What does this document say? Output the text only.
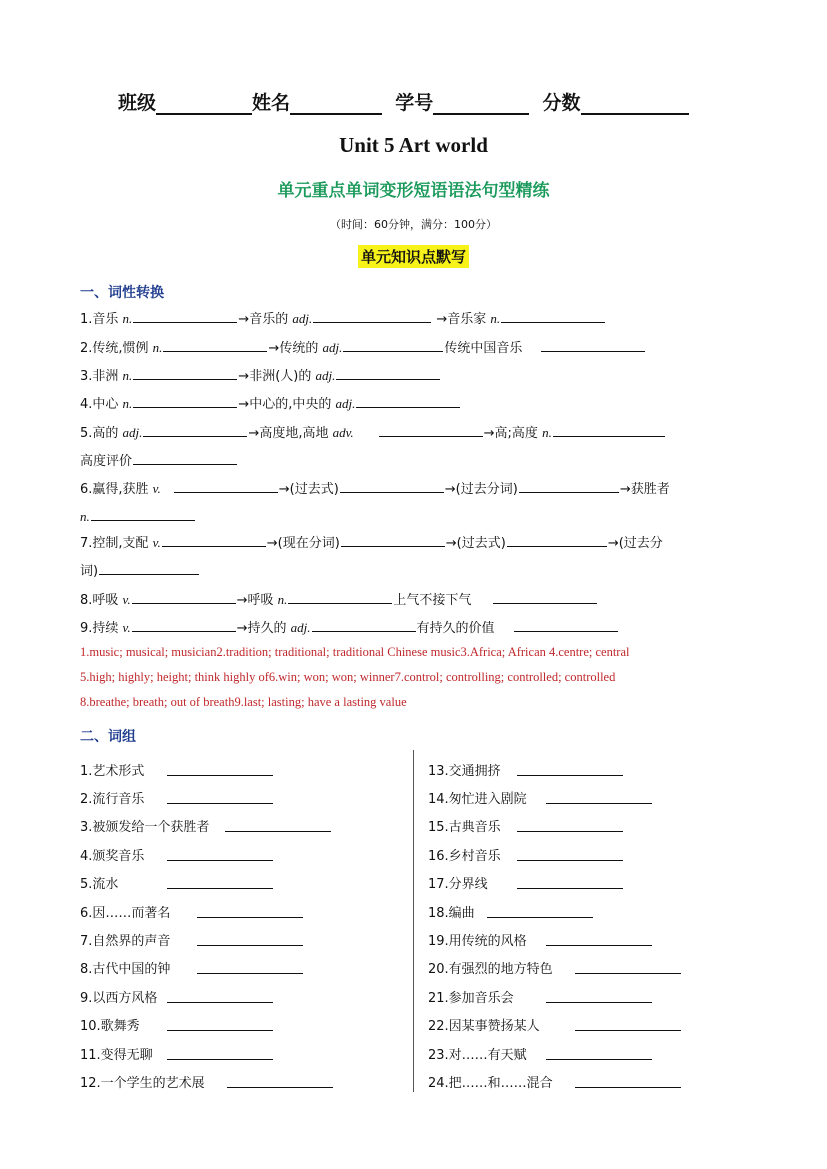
班级	姓名	学号	分数
Unit 5 Art world
单元重点单词变形短语语法句型精练
（时间：60分钟，满分：100分）
单元知识点默写
一、词性转换
1.音乐 n.	→音乐的 adj.	→音乐家 n.
2.传统,惯例 n.	→传统的 adj.	传统中国音乐
3.非洲 n.	→非洲(人)的 adj.
4.中心 n.	→中心的,中央的 adj.
5.高的 adj.	→高度地,高地 adv.	→高;高度 n.
高度评价
6.赢得,获胜 v.	→(过去式)	→(过去分词)	→获胜者
n.
7.控制,支配 v.	→(现在分词)	→(过去式)	→(过去分
词)
8.呼吸 v.	→呼吸 n.	上气不接下气
9.持续 v.	→持久的 adj.	有持久的价值
1.music; musical; musician2.tradition; traditional; traditional Chinese music3.Africa; African 4.centre; central
5.high; highly; height; think highly of6.win; won; won; winner7.control; controlling; controlled; controlled
8.breathe; breath; out of breath9.last; lasting; have a lasting value
二、词组
1.艺术形式
2.流行音乐
3.被颁发给一个获胜者
4.颁奖音乐
5.流水
6.因……而著名
7.自然界的声音
8.古代中国的钟
9.以西方风格
10.歌舞秀
11.变得无聊
12.一个学生的艺术展
13.交通拥挤
14.匆忙进入剧院
15.古典音乐
16.乡村音乐
17.分界线
18.编曲
19.用传统的风格
20.有强烈的地方特色
21.参加音乐会
22.因某事赞扬某人
23.对……有天赋
24.把……和……混合
